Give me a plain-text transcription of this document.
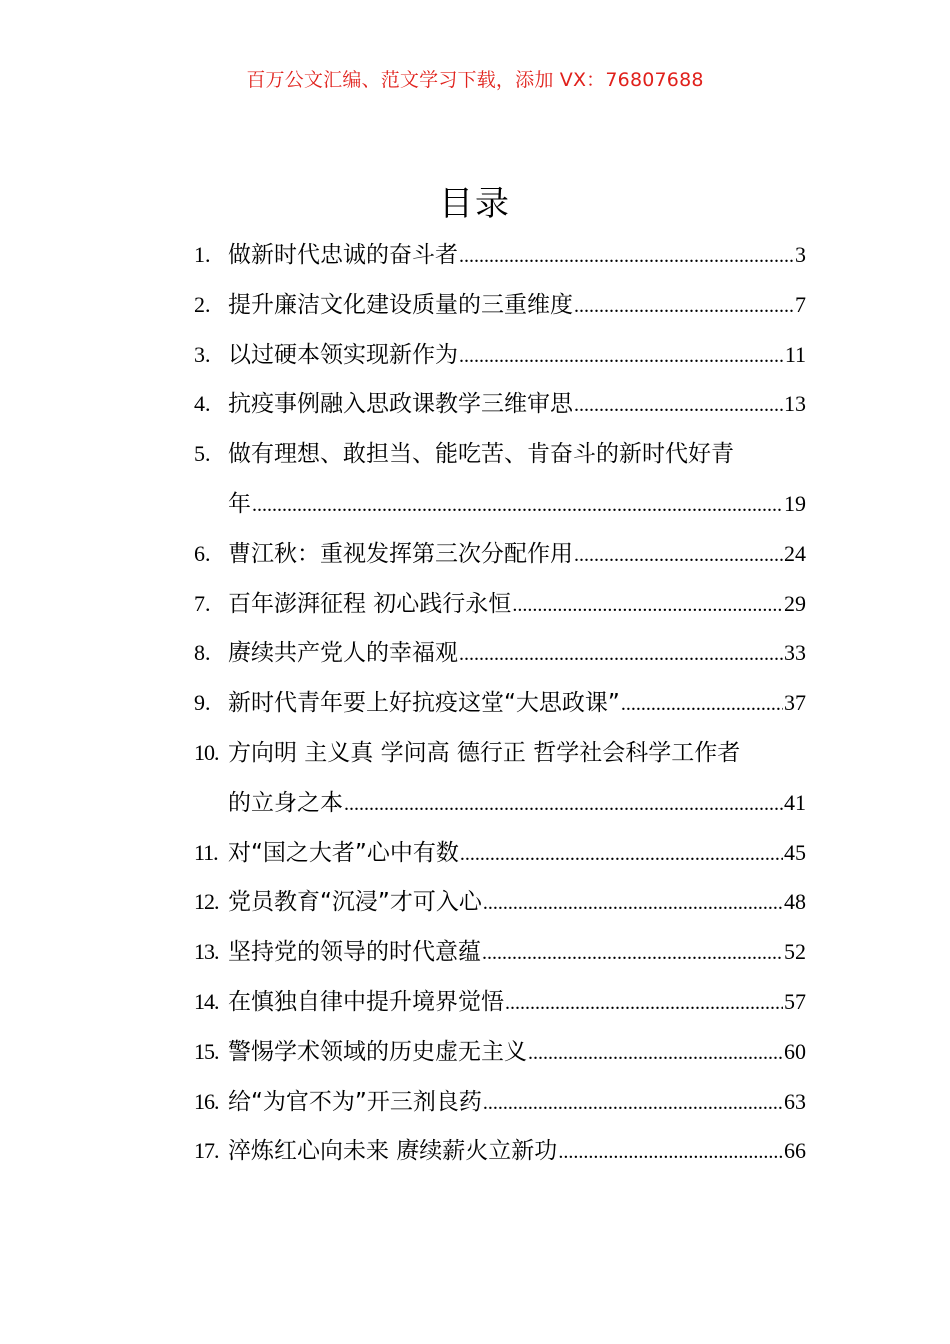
百万公文汇编、范文学习下载，添加 VX：76807688
目录
1. 做新时代忠诚的奋斗者 .....	3
2. 提升廉洁文化建设质量的三重维度 .....	7
3. 以过硬本领实现新作为 .....	11
4. 抗疫事例融入思政课教学三维审思 .....	13
5. 做有理想、敢担当、能吃苦、肯奋斗的新时代好青
年 .....	19
6. 曹江秋：重视发挥第三次分配作用 .....	24
7. 百年澎湃征程 初心践行永恒 .....	29
8. 赓续共产党人的幸福观 .....	33
9. 新时代青年要上好抗疫这堂“大思政课” .....	37
10. 方向明 主义真 学问高 德行正 哲学社会科学工作者
的立身之本 .....	41
11. 对“国之大者”心中有数 .....	45
12. 党员教育“沉浸”才可入心 .....	48
13. 坚持党的领导的时代意蕴 .....	52
14. 在慎独自律中提升境界觉悟 .....	57
15. 警惕学术领域的历史虚无主义 .....	60
16. 给“为官不为”开三剂良药 .....	63
17. 淬炼红心向未来 赓续薪火立新功 .....	66
